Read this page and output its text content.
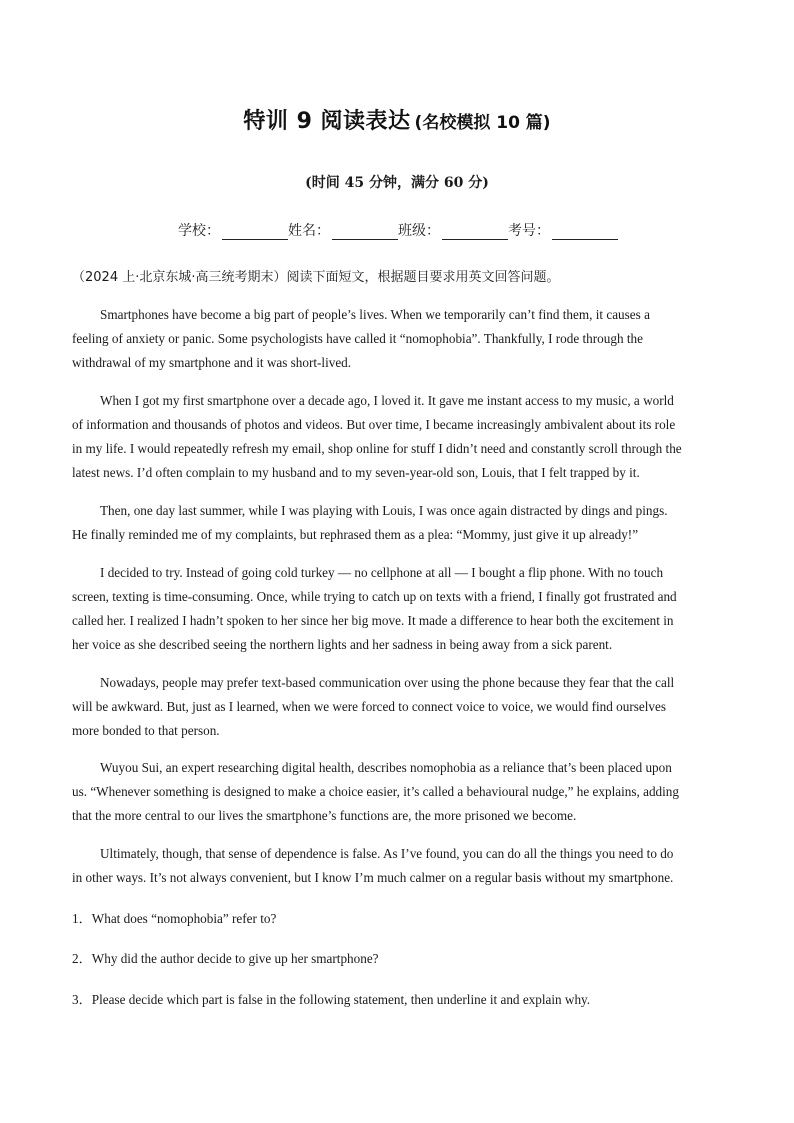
特训 9 阅读表达 (名校模拟 10 篇)
(时间 45 分钟，满分 60 分)
学校：	姓名：	班级：	考号：
（2024 上·北京东城·高三统考期末）阅读下面短文，根据题目要求用英文回答问题。
Smartphones have become a big part of people’s lives. When we temporarily can’t find them, it causes a
feeling of anxiety or panic. Some psychologists have called it “nomophobia”. Thankfully, I rode through the
withdrawal of my smartphone and it was short-lived.
When I got my first smartphone over a decade ago, I loved it. It gave me instant access to my music, a world
of information and thousands of photos and videos. But over time, I became increasingly ambivalent about its role
in my life. I would repeatedly refresh my email, shop online for stuff I didn’t need and constantly scroll through the
latest news. I’d often complain to my husband and to my seven-year-old son, Louis, that I felt trapped by it.
Then, one day last summer, while I was playing with Louis, I was once again distracted by dings and pings.
He finally reminded me of my complaints, but rephrased them as a plea: “Mommy, just give it up already!”
I decided to try. Instead of going cold turkey — no cellphone at all — I bought a flip phone. With no touch
screen, texting is time-consuming. Once, while trying to catch up on texts with a friend, I finally got frustrated and
called her. I realized I hadn’t spoken to her since her big move. It made a difference to hear both the excitement in
her voice as she described seeing the northern lights and her sadness in being away from a sick parent.
Nowadays, people may prefer text-based communication over using the phone because they fear that the call
will be awkward. But, just as I learned, when we were forced to connect voice to voice, we would find ourselves
more bonded to that person.
Wuyou Sui, an expert researching digital health, describes nomophobia as a reliance that’s been placed upon
us. “Whenever something is designed to make a choice easier, it’s called a behavioural nudge,” he explains, adding
that the more central to our lives the smartphone’s functions are, the more prisoned we become.
Ultimately, though, that sense of dependence is false. As I’ve found, you can do all the things you need to do
in other ways. It’s not always convenient, but I know I’m much calmer on a regular basis without my smartphone.
1．What does “nomophobia” refer to?
2．Why did the author decide to give up her smartphone?
3．Please decide which part is false in the following statement, then underline it and explain why.
